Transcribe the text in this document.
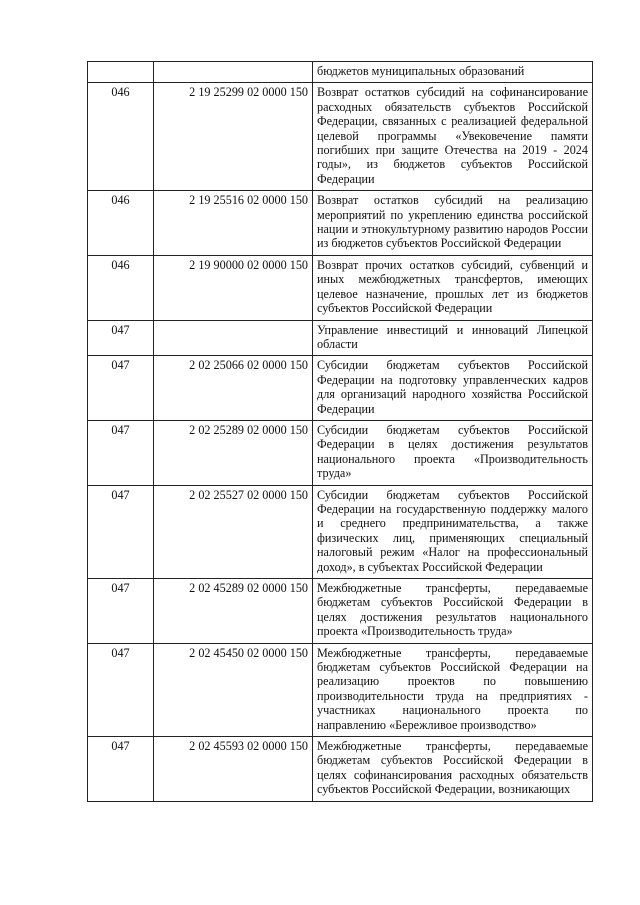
		бюджетов муниципальных образований
046	2 19 25299 02 0000 150	Возврат остатков субсидий на софинансирование расходных обязательств субъектов Российской Федерации, связанных с реализацией федеральной целевой программы «Увековечение памяти погибших при защите Отечества на 2019 - 2024 годы», из бюджетов субъектов Российской Федерации
046	2 19 25516 02 0000 150	Возврат остатков субсидий на реализацию мероприятий по укреплению единства российской нации и этнокультурному развитию народов России из бюджетов субъектов Российской Федерации
046	2 19 90000 02 0000 150	Возврат прочих остатков субсидий, субвенций и иных межбюджетных трансфертов, имеющих целевое назначение, прошлых лет из бюджетов субъектов Российской Федерации
047		Управление инвестиций и инноваций Липецкой области
047	2 02 25066 02 0000 150	Субсидии бюджетам субъектов Российской Федерации на подготовку управленческих кадров для организаций народного хозяйства Российской Федерации
047	2 02 25289 02 0000 150	Субсидии бюджетам субъектов Российской Федерации в целях достижения результатов национального проекта «Производительность труда»
047	2 02 25527 02 0000 150	Субсидии бюджетам субъектов Российской Федерации на государственную поддержку малого и среднего предпринимательства, а также физических лиц, применяющих специальный налоговый режим «Налог на профессиональный доход», в субъектах Российской Федерации
047	2 02 45289 02 0000 150	Межбюджетные трансферты, передаваемые бюджетам субъектов Российской Федерации в целях достижения результатов национального проекта «Производительность труда»
047	2 02 45450 02 0000 150	Межбюджетные трансферты, передаваемые бюджетам субъектов Российской Федерации на реализацию проектов по повышению производительности труда на предприятиях - участниках национального проекта по направлению «Бережливое производство»
047	2 02 45593 02 0000 150	Межбюджетные трансферты, передаваемые бюджетам субъектов Российской Федерации в целях софинансирования расходных обязательств субъектов Российской Федерации, возникающих
